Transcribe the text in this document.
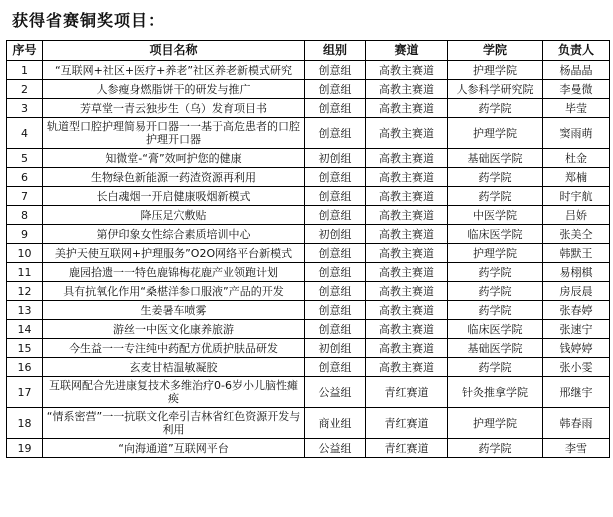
获得省赛铜奖项目：
序号	项目名称	组别	赛道	学院	负责人
1	“互联网+社区+医疗+养老”社区养老新模式研究	创意组	高教主赛道	护理学院	杨晶晶
2	人参瘦身燃脂饼干的研发与推广	创意组	高教主赛道	人参科学研究院	李曼微
3	芳草堂一青云独步生（乌）发育项目书	创意组	高教主赛道	药学院	毕莹
4	轨道型口腔护理简易开口器一一基于高危患者的口腔护理开口器	创意组	高教主赛道	护理学院	窦雨萌
5	知微堂-“膏”效呵护您的健康	初创组	高教主赛道	基础医学院	杜金
6	生物绿色新能源一药渣资源再利用	创意组	高教主赛道	药学院	郑楠
7	长白魂烟一开启健康吸烟新模式	创意组	高教主赛道	药学院	时宇航
8	降压足穴敷贴	创意组	高教主赛道	中医学院	吕娇
9	第伊印象女性综合素质培训中心	初创组	高教主赛道	临床医学院	张美仝
10	美护天使互联网+护理服务”O2O网络平台新模式	创意组	高教主赛道	护理学院	韩默王
11	鹿园拾遗一一特色鹿锦梅花鹿产业领跑计划	创意组	高教主赛道	药学院	易栩棋
12	具有抗氧化作用“桑椹洋参口服液”产品的开发	创意组	高教主赛道	药学院	房辰晨
13	生姜暑车喷雾	创意组	高教主赛道	药学院	张春婷
14	游丝一中医文化康养旅游	创意组	高教主赛道	临床医学院	张速宁
15	今生益一一专注纯中药配方优质护肤品研发	初创组	高教主赛道	基础医学院	钱婷婷
16	玄麦甘桔温敏凝胶	创意组	高教主赛道	药学院	张小雯
17	互联网配合先进康复技术多维治疗0-6岁小儿脑性瘫痪	公益组	青红赛道	针灸推拿学院	邢继宇
18	“情系密营”一一抗联文化牵引吉林省红色资源开发与利用	商业组	青红赛道	护理学院	韩春雨
19	“向海通道”互联网平台	公益组	青红赛道	药学院	李雪
